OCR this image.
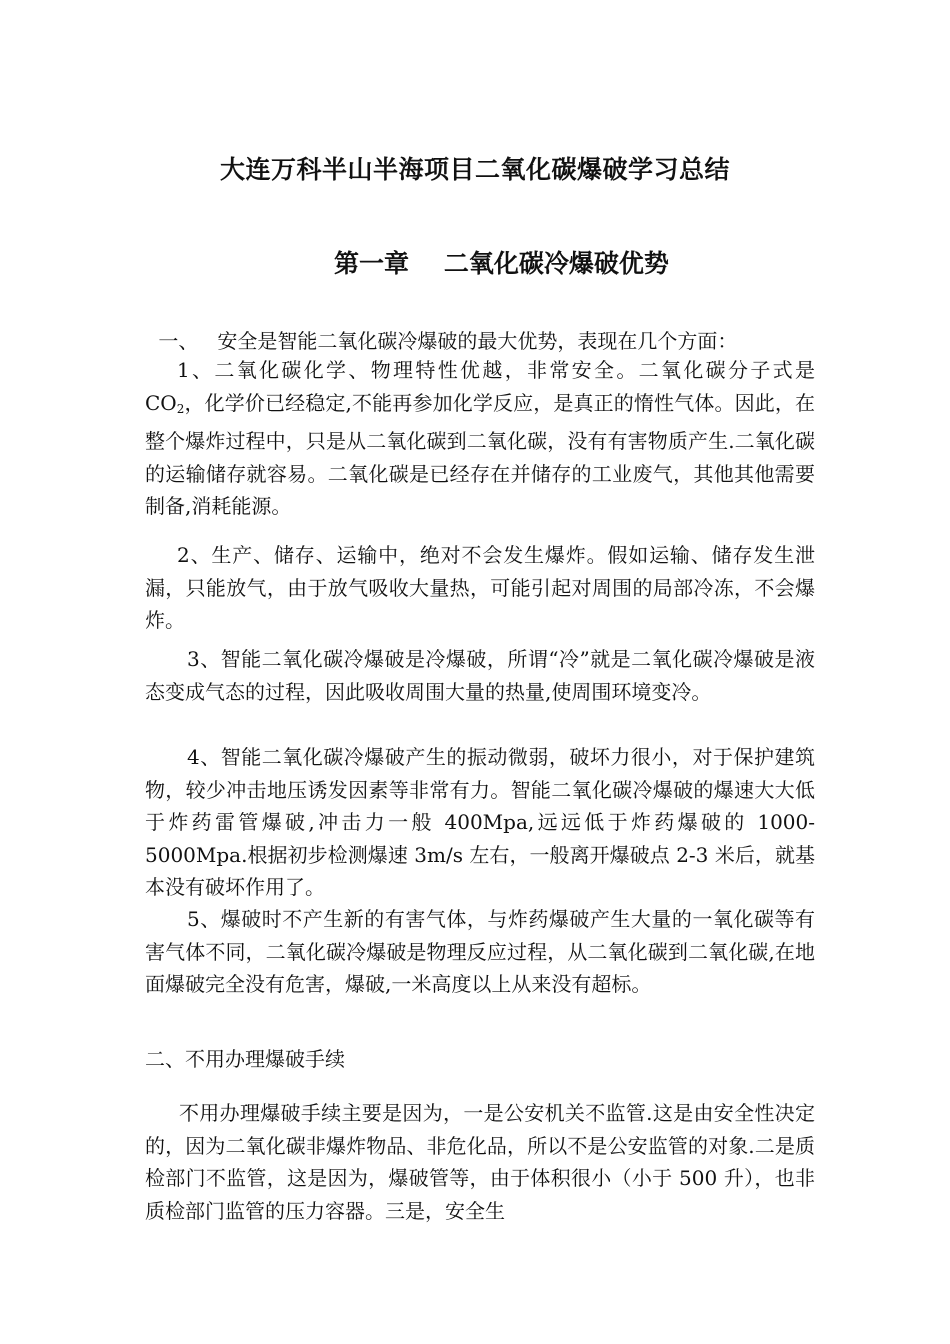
大连万科半山半海项目二氧化碳爆破学习总结
第一章    二氧化碳冷爆破优势
一、   安全是智能二氧化碳冷爆破的最大优势，表现在几个方面：
1、二氧化碳化学、物理特性优越，非常安全。二氧化碳分子式是 $CO_2$，化学价已经稳定,不能再参加化学反应，是真正的惰性气体。因此，在整个爆炸过程中，只是从二氧化碳到二氧化碳，没有有害物质产生.二氧化碳的运输储存就容易。二氧化碳是已经存在并储存的工业废气，其他其他需要制备,消耗能源。
2、生产、储存、运输中，绝对不会发生爆炸。假如运输、储存发生泄漏，只能放气，由于放气吸收大量热，可能引起对周围的局部冷冻，不会爆炸。
3、智能二氧化碳冷爆破是冷爆破，所谓“冷”就是二氧化碳冷爆破是液态变成气态的过程，因此吸收周围大量的热量,使周围环境变冷。
4、智能二氧化碳冷爆破产生的振动微弱，破坏力很小，对于保护建筑物，较少冲击地压诱发因素等非常有力。智能二氧化碳冷爆破的爆速大大低于炸药雷管爆破,冲击力一般 400Mpa,远远低于炸药爆破的 1000-5000Mpa.根据初步检测爆速 3m/s 左右，一般离开爆破点 2-3 米后，就基本没有破坏作用了。
5、爆破时不产生新的有害气体，与炸药爆破产生大量的一氧化碳等有害气体不同，二氧化碳冷爆破是物理反应过程，从二氧化碳到二氧化碳,在地面爆破完全没有危害，爆破,一米高度以上从来没有超标。
二、不用办理爆破手续
不用办理爆破手续主要是因为，一是公安机关不监管.这是由安全性决定的，因为二氧化碳非爆炸物品、非危化品，所以不是公安监管的对象.二是质检部门不监管，这是因为，爆破管等，由于体积很小（小于 500 升），也非质检部门监管的压力容器。三是，安全生
